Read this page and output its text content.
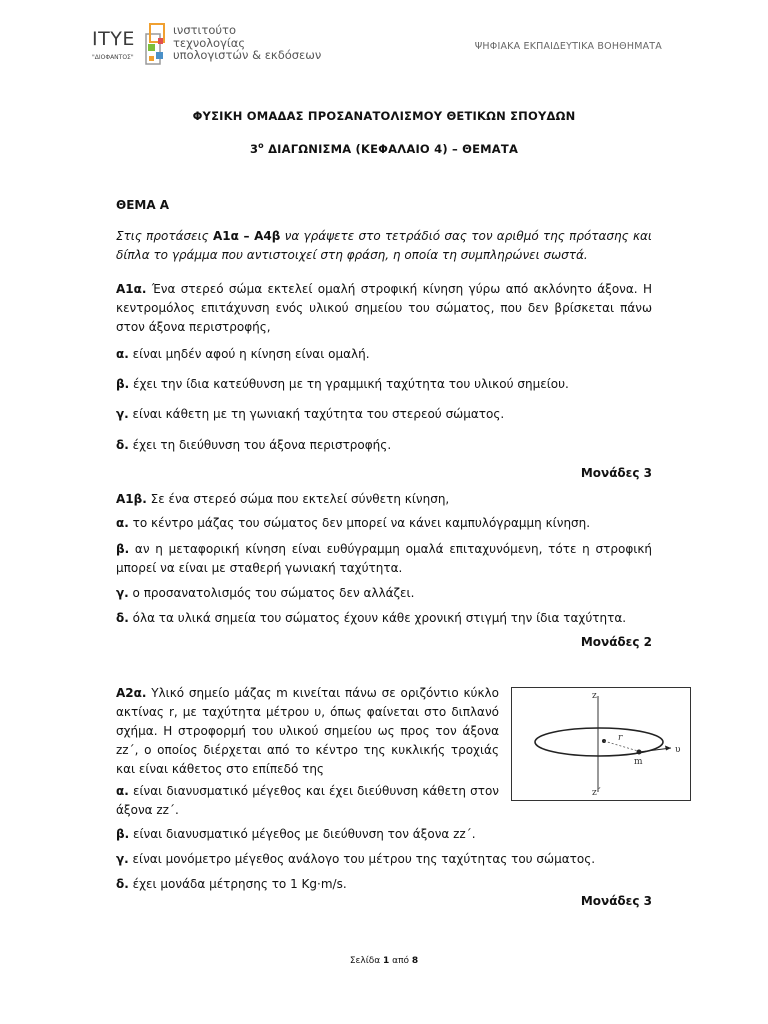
ΙΤΥΕ
"ΔΙΟΦΑΝΤΟΣ"
ινστιτούτο
τεχνολογίας
υπολογιστών & εκδόσεων
ΨΗΦΙΑΚΑ ΕΚΠΑΙΔΕΥΤΙΚΑ ΒΟΗΘΗΜΑΤΑ
ΦΥΣΙΚΗ ΟΜΑΔΑΣ ΠΡΟΣΑΝΑΤΟΛΙΣΜΟΥ ΘΕΤΙΚΩΝ ΣΠΟΥΔΩΝ
$3^o$ ΔΙΑΓΩΝΙΣΜΑ (ΚΕΦΑΛΑΙΟ 4) – ΘΕΜΑΤΑ
ΘΕΜΑ Α
Στις προτάσεις Α1α – Α4β να γράψετε στο τετράδιό σας τον αριθμό της πρότασης και δίπλα το γράμμα που αντιστοιχεί στη φράση, η οποία τη συμπληρώνει σωστά.
Α1α. Ένα στερεό σώμα εκτελεί ομαλή στροφική κίνηση γύρω από ακλόνητο άξονα. Η κεντρομόλος επιτάχυνση ενός υλικού σημείου του σώματος, που δεν βρίσκεται πάνω στον άξονα περιστροφής,
α. είναι μηδέν αφού η κίνηση είναι ομαλή.
β. έχει την ίδια κατεύθυνση με τη γραμμική ταχύτητα του υλικού σημείου.
γ. είναι κάθετη με τη γωνιακή ταχύτητα του στερεού σώματος.
δ. έχει τη διεύθυνση του άξονα περιστροφής.
Μονάδες 3
Α1β. Σε ένα στερεό σώμα που εκτελεί σύνθετη κίνηση,
α. το κέντρο μάζας του σώματος δεν μπορεί να κάνει καμπυλόγραμμη κίνηση.
β. αν η μεταφορική κίνηση είναι ευθύγραμμη ομαλά επιταχυνόμενη, τότε η στροφική μπορεί να είναι με σταθερή γωνιακή ταχύτητα.
γ. ο προσανατολισμός του σώματος δεν αλλάζει.
δ. όλα τα υλικά σημεία του σώματος έχουν κάθε χρονική στιγμή την ίδια ταχύτητα.
Μονάδες 2
Α2α. Υλικό σημείο μάζας m κινείται πάνω σε οριζόντιο κύκλο ακτίνας r, με ταχύτητα μέτρου υ, όπως φαίνεται στο διπλανό σχήμα. Η στροφορμή του υλικού σημείου ως προς τον άξονα zz΄, ο οποίος διέρχεται από το κέντρο της κυκλικής τροχιάς και είναι κάθετος στο επίπεδό της
α. είναι διανυσματικό μέγεθος και έχει διεύθυνση κάθετη στον άξονα zz΄.
β. είναι διανυσματικό μέγεθος με διεύθυνση τον άξονα zz΄.
γ. είναι μονόμετρο μέγεθος ανάλογο του μέτρου της ταχύτητας του σώματος.
δ. έχει μονάδα μέτρησης το 1 Kg·m/s.
Μονάδες 3
z
z΄
r
m
υ
Σελίδα 1 από 8
